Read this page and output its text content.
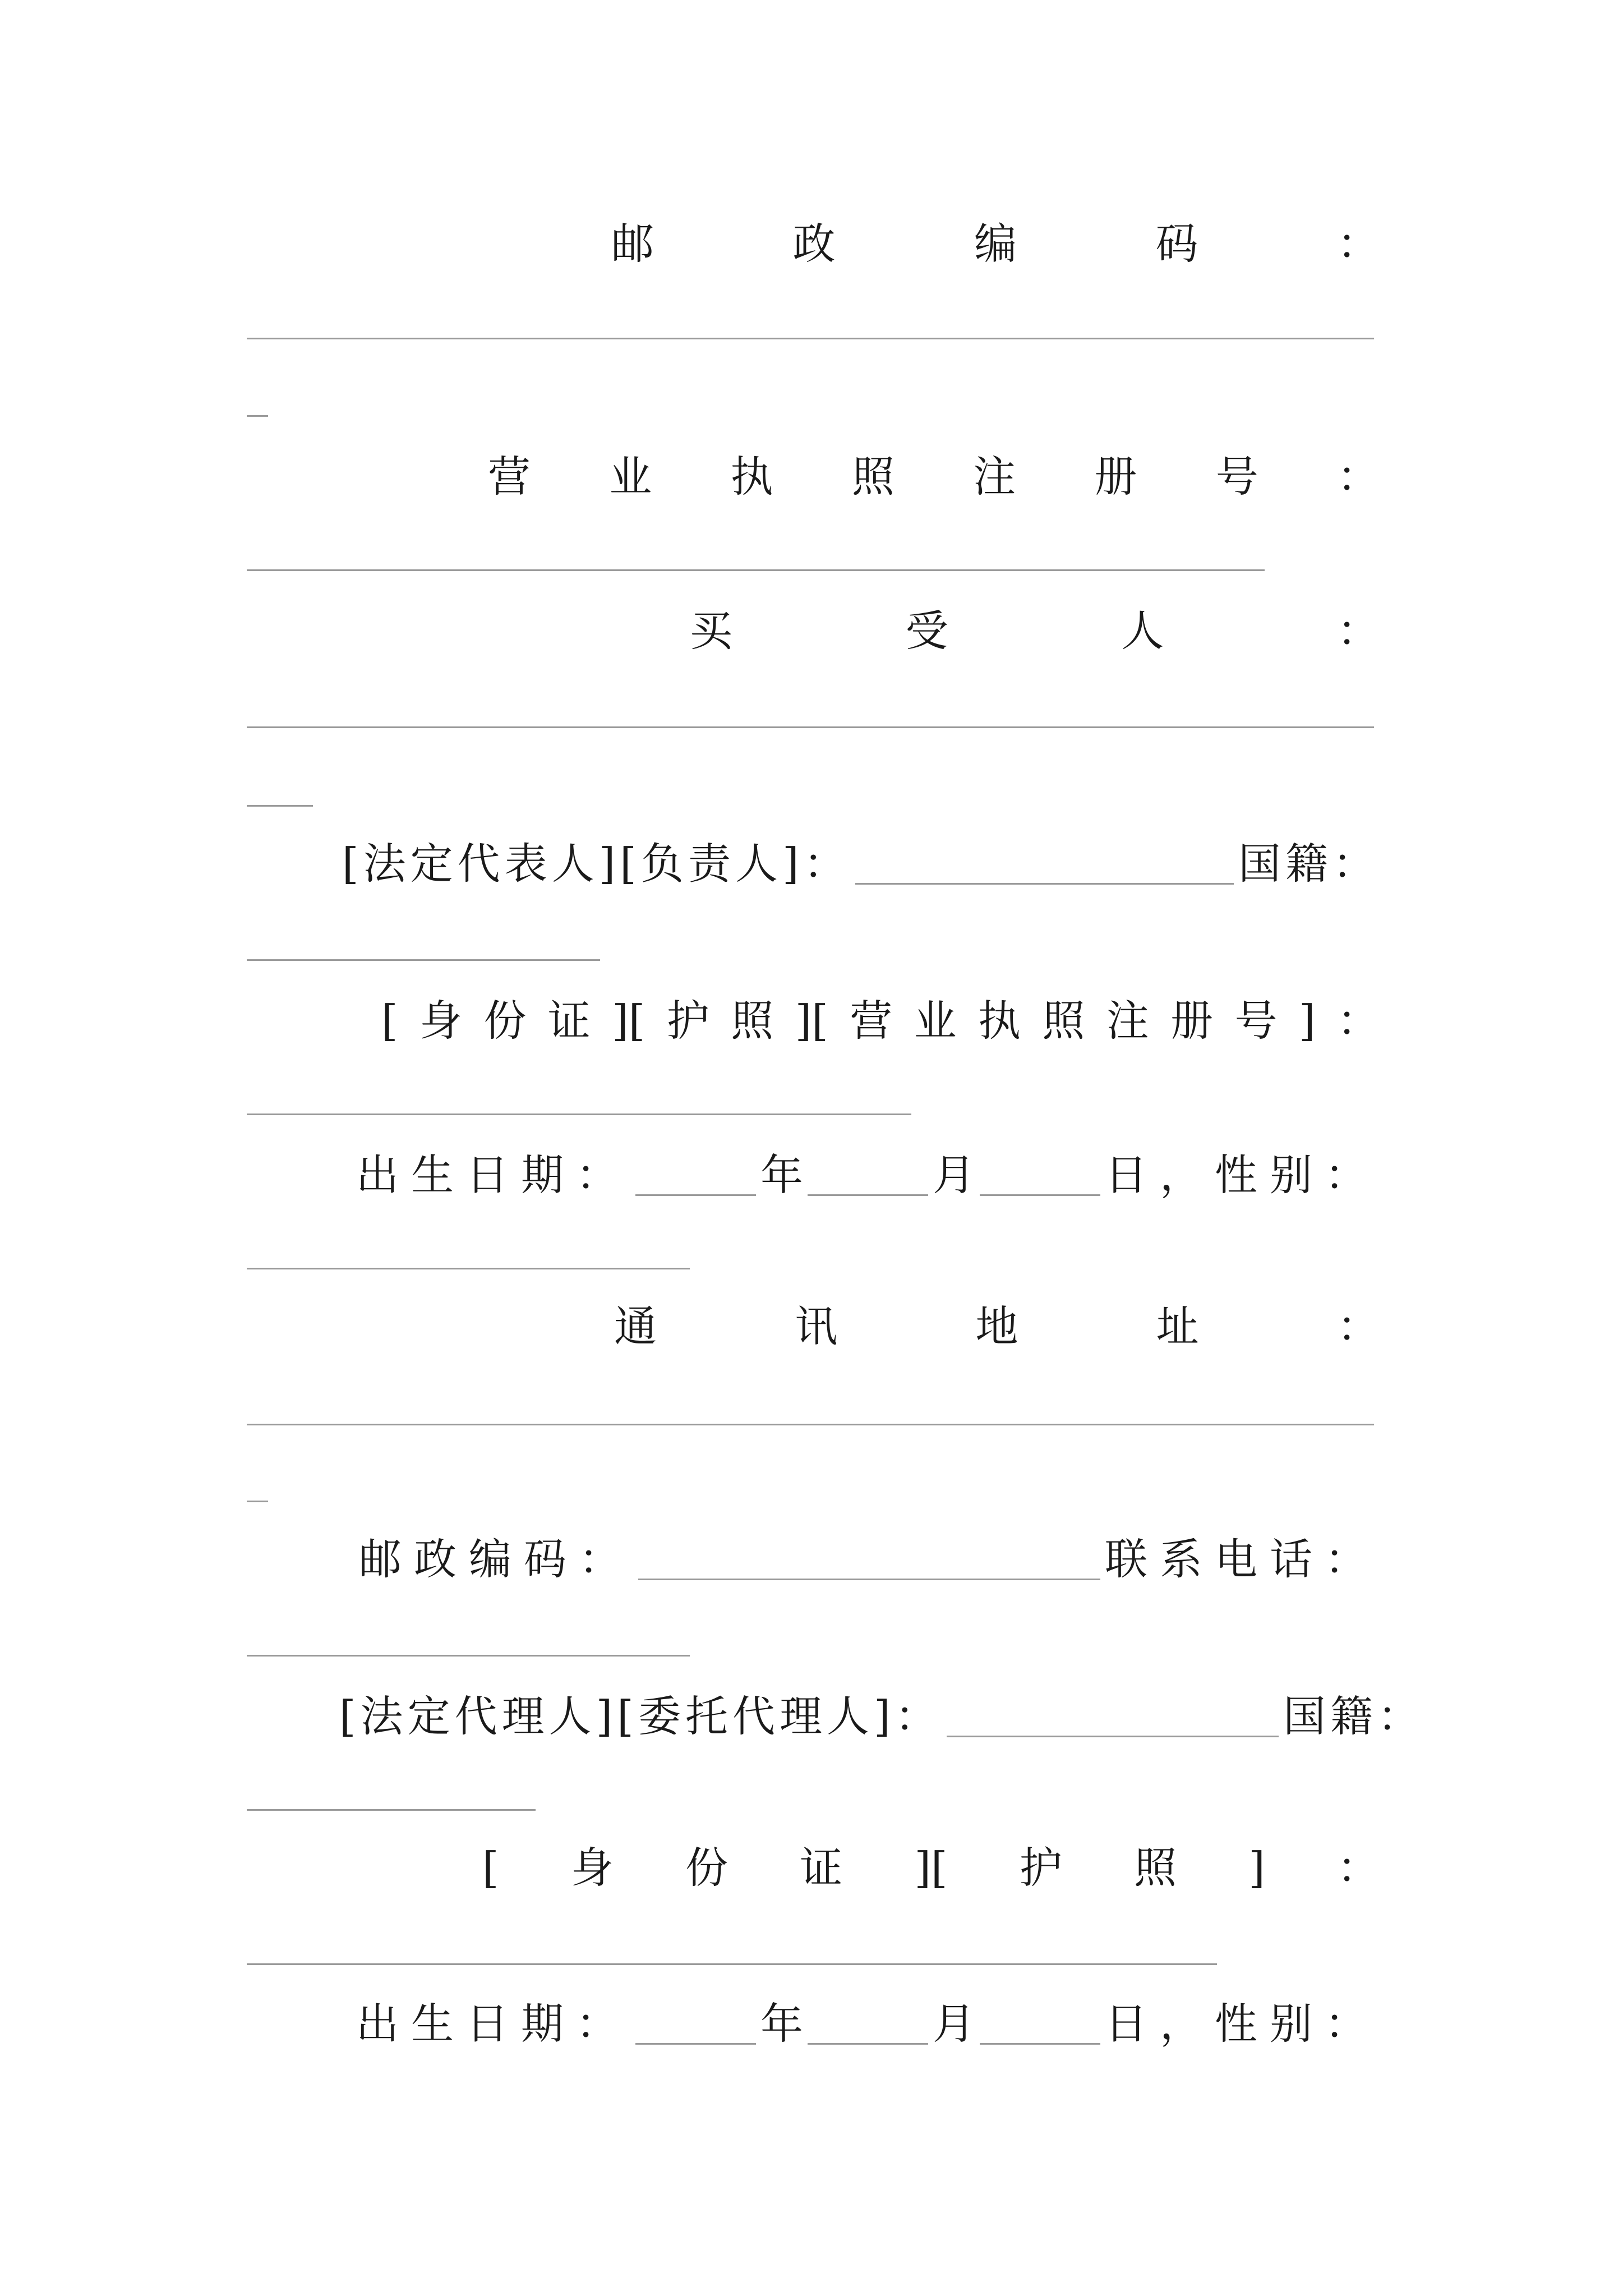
邮	政	编	码	：
营 业 执 照 注 册 号 ：
买	受	人	：
[法定代表人][负责人]：	国籍：
[ 身 份 证 ][ 护 照 ][ 营 业 执 照 注 册 号 ] ：
出生日期：	年	月	日，性别：
通	讯	地	址	：
邮政编码：	联系电话：
[法定代理人][委托代理人]：	国籍：
[ 身 份 证 ][ 护 照 ] ：
出生日期：	年	月	日，性别：
